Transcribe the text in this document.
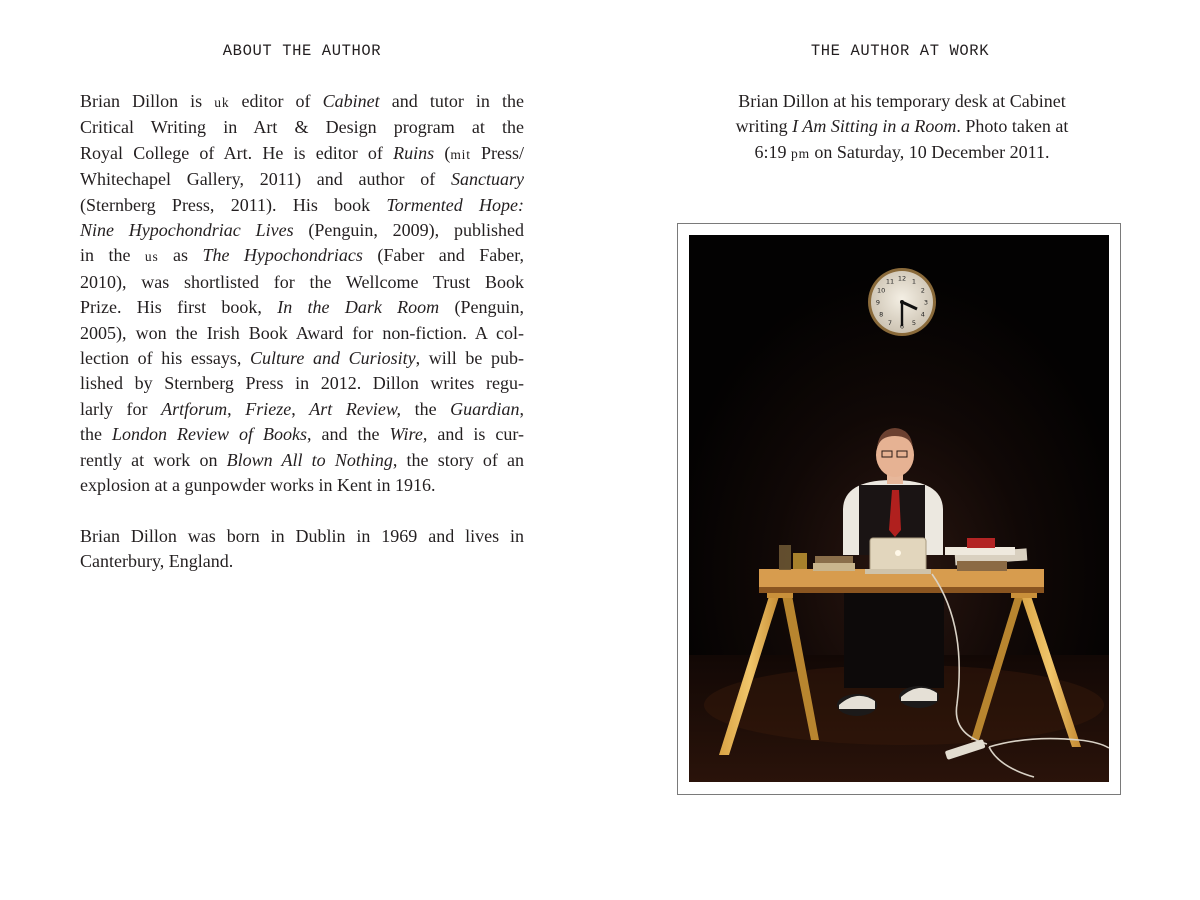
ABOUT THE AUTHOR
Brian Dillon is uk editor of Cabinet and tutor in the
Critical Writing in Art & Design program at the
Royal College of Art. He is editor of Ruins (mit Press/
Whitechapel Gallery, 2011) and author of Sanctuary
(Sternberg Press, 2011). His book Tormented Hope:
Nine Hypochondriac Lives (Penguin, 2009), published
in the us as The Hypochondriacs (Faber and Faber,
2010), was shortlisted for the Wellcome Trust Book
Prize. His first book, In the Dark Room (Penguin,
2005), won the Irish Book Award for non-fiction. A col-
lection of his essays, Culture and Curiosity, will be pub-
lished by Sternberg Press in 2012. Dillon writes regu-
larly for Artforum, Frieze, Art Review, the Guardian,
the London Review of Books, and the Wire, and is cur-
rently at work on Blown All to Nothing, the story of an
explosion at a gunpowder works in Kent in 1916.
Brian Dillon was born in Dublin in 1969 and lives in
Canterbury, England.
THE AUTHOR AT WORK
Brian Dillon at his temporary desk at Cabinet
writing I Am Sitting in a Room. Photo taken at
6:19 pm on Saturday, 10 December 2011.
12 1
2
3
4
5
6
7
8
9
10
11
